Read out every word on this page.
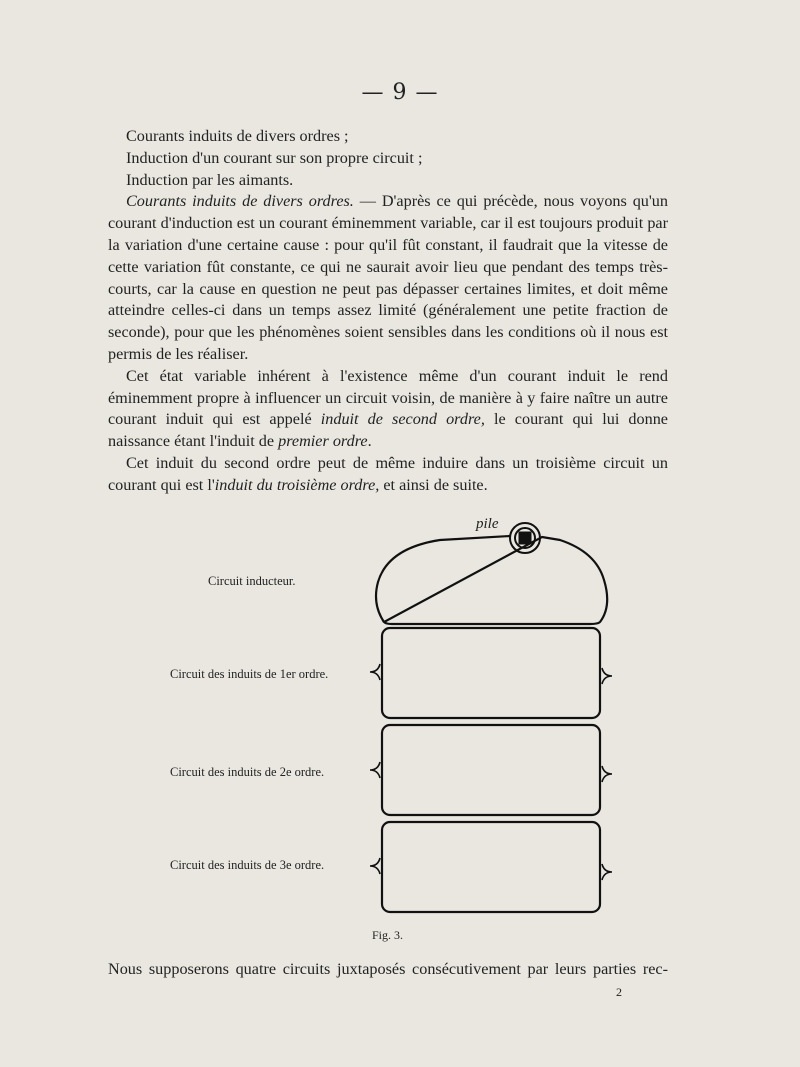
— 9 —

Courants induits de divers ordres ;

Induction d'un courant sur son propre circuit ;

Induction par les aimants.

Courants induits de divers ordres. — D'après ce qui précède, nous voyons qu'un courant d'induction est un courant éminemment variable, car il est toujours produit par la variation d'une certaine cause : pour qu'il fût constant, il faudrait que la vitesse de cette variation fût constante, ce qui ne saurait avoir lieu que pendant des temps très-courts, car la cause en question ne peut pas dépasser certaines limites, et doit même atteindre celles-ci dans un temps assez limité (généralement une petite fraction de seconde), pour que les phénomènes soient sensibles dans les conditions où il nous est permis de les réaliser.

Cet état variable inhérent à l'existence même d'un courant induit le rend éminemment propre à influencer un circuit voisin, de manière à y faire naître un autre courant induit qui est appelé induit de second ordre, le courant qui lui donne naissance étant l'induit de premier ordre.

Cet induit du second ordre peut de même induire dans un troisième circuit un courant qui est l'induit du troisième ordre, et ainsi de suite.

pile
Circuit inducteur.
Circuit des induits de 1er ordre.
Circuit des induits de 2e ordre.
Circuit des induits de 3e ordre.
Fig. 3.
Nous supposerons quatre circuits juxtaposés consécutivement par leurs parties rec-
2
